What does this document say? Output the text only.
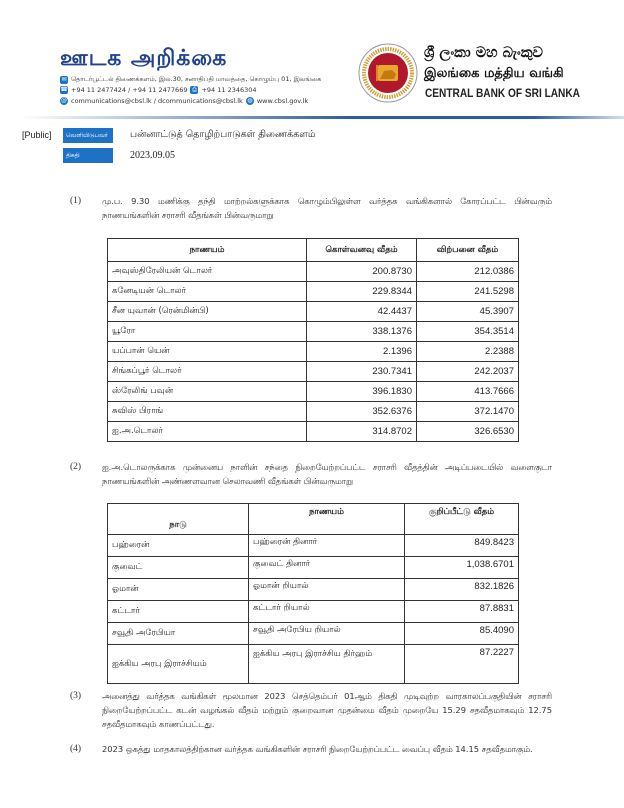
ஊடக அறிக்கை
✉ தொடர்பூட்டல் திணைக்களம், இல.30, சனாதிபதி மாவத்தை, கொழும்பு 01, இலங்கை
☎ +94 11 2477424 / +94 11 2477669 ⎙ +94 11 2346304
@ communications@cbsl.lk / dcommunications@cbsl.lk ◍ www.cbsl.gov.lk
ශ්‍රී ලංකා මහ බැංකුව
இலங்கை மத்திய வங்கி
CENTRAL BANK OF SRI LANKA
[Public]	வெளியிடுபவர்	பன்னாட்டுத் தொழிற்பாடுகள் திணைக்களம்
திகதி	2023.09.05
(1)	மு.ப. 9.30 மணிக்கு தந்தி மாற்றல்களுக்காக கொழும்பிலுள்ள வர்த்தக வங்கிகளால் கோரப்பட்ட பின்வரும் நாணயங்களின் சராசரி வீதங்கள் பின்வருமாறு
நாணயம்	கொள்வனவு வீதம்	விற்பனை வீதம்
அவுஸ்திரேலியன் டொலர்	200.8730	212.0386
கனேடியன் டொலர்	229.8344	241.5298
சீன யுவான் (ரென்மின்பி)	42.4437	45.3907
யூரோ	338.1376	354.3514
யப்பான் யென்	2.1396	2.2388
சிங்கப்பூர் டொலர்	230.7341	242.2037
ஸ்ரேலிங் பவுன்	396.1830	413.7666
சுவிஸ் பிராங்	352.6376	372.1470
ஐ.அ.டொலர்	314.8702	326.6530
(2)	ஐ.அ.டொலருக்காக முன்னைய நாளின் சந்தை நிறையேற்றப்பட்ட சராசரி வீதத்தின் அடிப்படையில் வளைகுடா நாணயங்களின் அண்ணளவான செலாவணி வீதங்கள் பின்வருமாறு
நாடு	நாணயம்	குறிப்பீட்டு வீதம்
பஹ்ரைன்	பஹ்ரைன் தினார்	849.8423
குவைட்	குவைட் தினார்	1,038.6701
ஓமான்	ஓமான் றியால்	832.1826
கட்டார்	கட்டார் றியால்	87.8831
சவூதி அரேபியா	சவூதி அரேபிய றியால்	85.4090
ஐக்கிய அரபு இராச்சியம்	ஐக்கிய அரபு இராச்சிய திர்ஹம்	87.2227
(3)	அனைத்து வர்த்தக வங்கிகள் மூலமான 2023 செத்தெம்பர் 01ஆம் திகதி முடிவுற்ற வாரகாலப்பகுதியின் சராசரி நிறையேற்றப்பட்ட கடன் வழங்கல் வீதம் மற்றும் குறைவான முதன்மை வீதம் முறையே 15.29 சதவீதமாகவும் 12.75 சதவீதமாகவும் காணப்பட்டது.
(4)	2023 ஒகத்து மாதகாலத்திற்கான வர்த்தக வங்கிகளின் சராசரி நிறையேற்றப்பட்ட வைப்பு வீதம் 14.15 சதவீதமாகும்.
